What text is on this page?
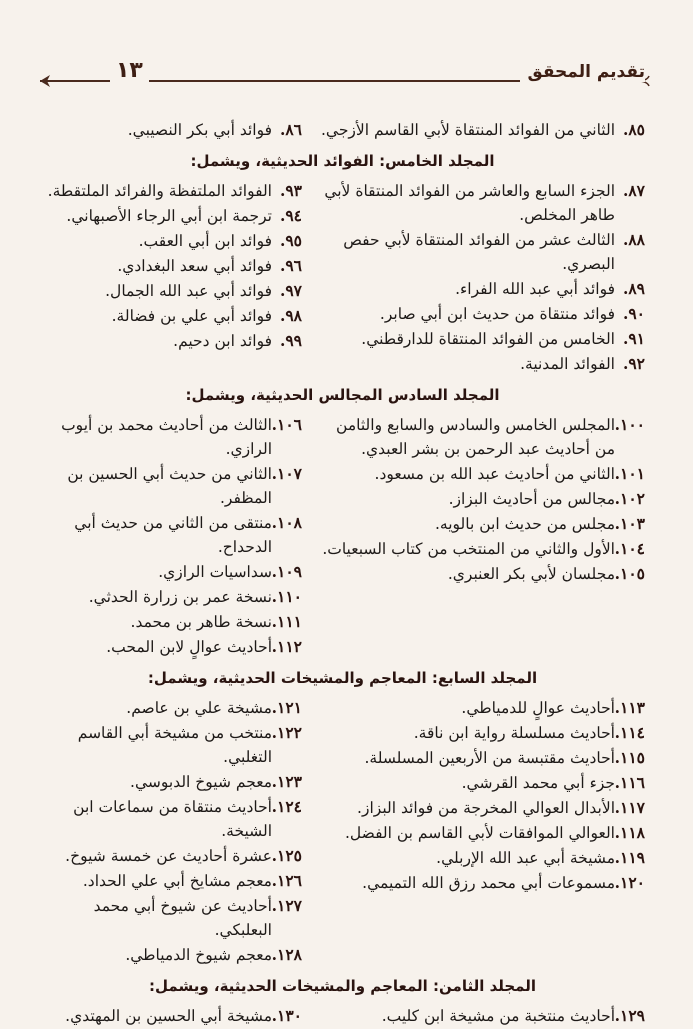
تقديم المحقق
١٣
٨٥.
الثاني من الفوائد المنتقاة لأبي القاسم الأزجي.
٨٦.
فوائد أبي بكر النصيبي.
المجلد الخامس: الفوائد الحديثية، ويشمل:
٨٧.
الجزء السابع والعاشر من الفوائد المنتقاة لأبي طاهر المخلص.
٨٨.
الثالث عشر من الفوائد المنتقاة لأبي حفص البصري.
٨٩.
فوائد أبي عبد الله الفراء.
٩٠.
فوائد منتقاة من حديث ابن أبي صابر.
٩١.
الخامس من الفوائد المنتقاة للدارقطني.
٩٢.
الفوائد المدنية.
٩٣.
الفوائد الملتفظة والفرائد الملتقطة.
٩٤.
ترجمة ابن أبي الرجاء الأصبهاني.
٩٥.
فوائد ابن أبي العقب.
٩٦.
فوائد أبي سعد البغدادي.
٩٧.
فوائد أبي عبد الله الجمال.
٩٨.
فوائد أبي علي بن فضالة.
٩٩.
فوائد ابن دحيم.
المجلد السادس المجالس الحديثية، ويشمل:
١٠٠.
المجلس الخامس والسادس والسابع والثامن من أحاديث عبد الرحمن بن بشر العبدي.
١٠١.
الثاني من أحاديث عبد الله بن مسعود.
١٠٢.
مجالس من أحاديث البزاز.
١٠٣.
مجلس من حديث ابن بالويه.
١٠٤.
الأول والثاني من المنتخب من كتاب السبعيات.
١٠٥.
مجلسان لأبي بكر العنبري.
١٠٦.
الثالث من أحاديث محمد بن أيوب الرازي.
١٠٧.
الثاني من حديث أبي الحسين بن المظفر.
١٠٨.
منتقى من الثاني من حديث أبي الدحداح.
١٠٩.
سداسيات الرازي.
١١٠.
نسخة عمر بن زرارة الحدثي.
١١١.
نسخة طاهر بن محمد.
١١٢.
أحاديث عوالٍ لابن المحب.
المجلد السابع: المعاجم والمشيخات الحديثية، ويشمل:
١١٣.
أحاديث عوالٍ للدمياطي.
١١٤.
أحاديث مسلسلة رواية ابن ناقة.
١١٥.
أحاديث مقتبسة من الأربعين المسلسلة.
١١٦.
جزء أبي محمد القرشي.
١١٧.
الأبدال العوالي المخرجة من فوائد البزاز.
١١٨.
العوالي الموافقات لأبي القاسم بن الفضل.
١١٩.
مشيخة أبي عبد الله الإربلي.
١٢٠.
مسموعات أبي محمد رزق الله التميمي.
١٢١.
مشيخة علي بن عاصم.
١٢٢.
منتخب من مشيخة أبي القاسم التغلبي.
١٢٣.
معجم شيوخ الدبوسي.
١٢٤.
أحاديث منتقاة من سماعات ابن الشيخة.
١٢٥.
عشرة أحاديث عن خمسة شيوخ.
١٢٦.
معجم مشايخ أبي علي الحداد.
١٢٧.
أحاديث عن شيوخ أبي محمد البعلبكي.
١٢٨.
معجم شيوخ الدمياطي.
المجلد الثامن: المعاجم والمشيخات الحديثية، ويشمل:
١٢٩.
أحاديث منتخبة من مشيخة ابن كليب.
١٣٠.
مشيخة أبي الحسين بن المهتدي.
